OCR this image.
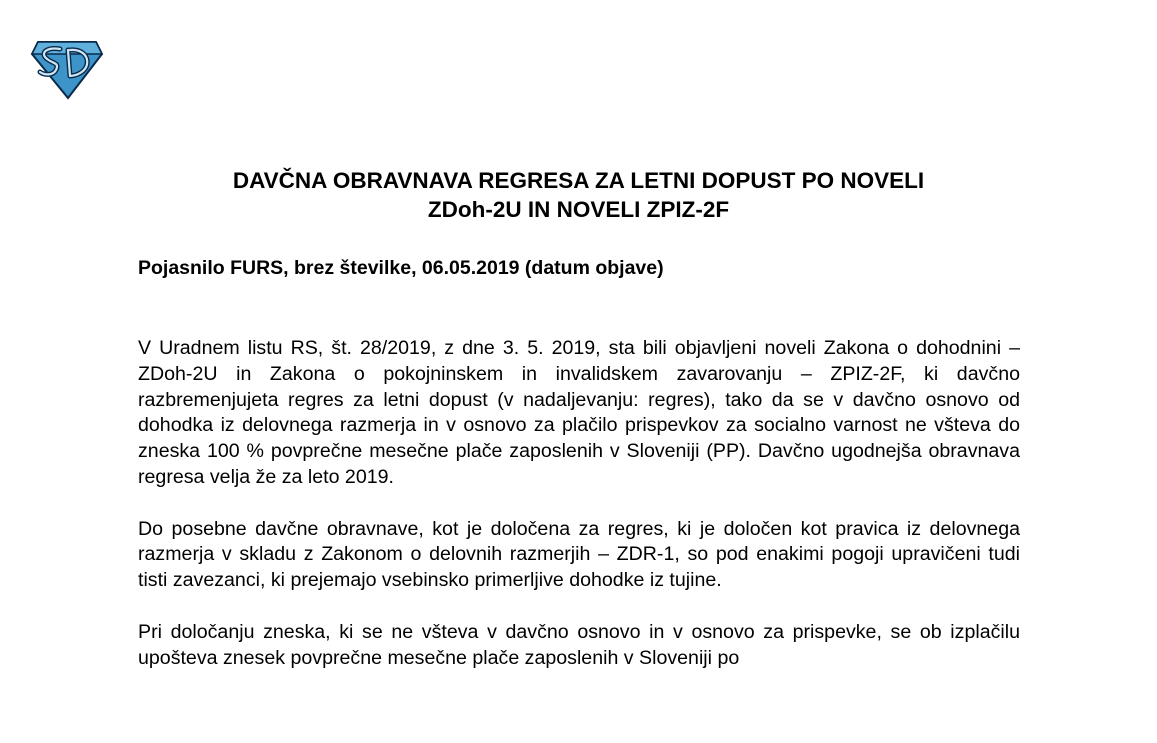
DAVČNA OBRAVNAVA REGRESA ZA LETNI DOPUST PO NOVELI
ZDoh-2U IN NOVELI ZPIZ-2F
Pojasnilo FURS, brez številke, 06.05.2019 (datum objave)

V Uradnem listu RS, št. 28/2019, z dne 3. 5. 2019, sta bili objavljeni noveli Zakona o dohodnini – ZDoh-2U in Zakona o pokojninskem in invalidskem zavarovanju – ZPIZ-2F, ki davčno razbremenjujeta regres za letni dopust (v nadaljevanju: regres), tako da se v davčno osnovo od dohodka iz delovnega razmerja in v osnovo za plačilo prispevkov za socialno varnost ne všteva do zneska 100 % povprečne mesečne plače zaposlenih v Sloveniji (PP). Davčno ugodnejša obravnava regresa velja že za leto 2019.

Do posebne davčne obravnave, kot je določena za regres, ki je določen kot pravica iz delovnega razmerja v skladu z Zakonom o delovnih razmerjih – ZDR-1, so pod enakimi pogoji upravičeni tudi tisti zavezanci, ki prejemajo vsebinsko primerljive dohodke iz tujine.

Pri določanju zneska, ki se ne všteva v davčno osnovo in v osnovo za prispevke, se ob izplačilu upošteva znesek povprečne mesečne plače zaposlenih v Sloveniji po
